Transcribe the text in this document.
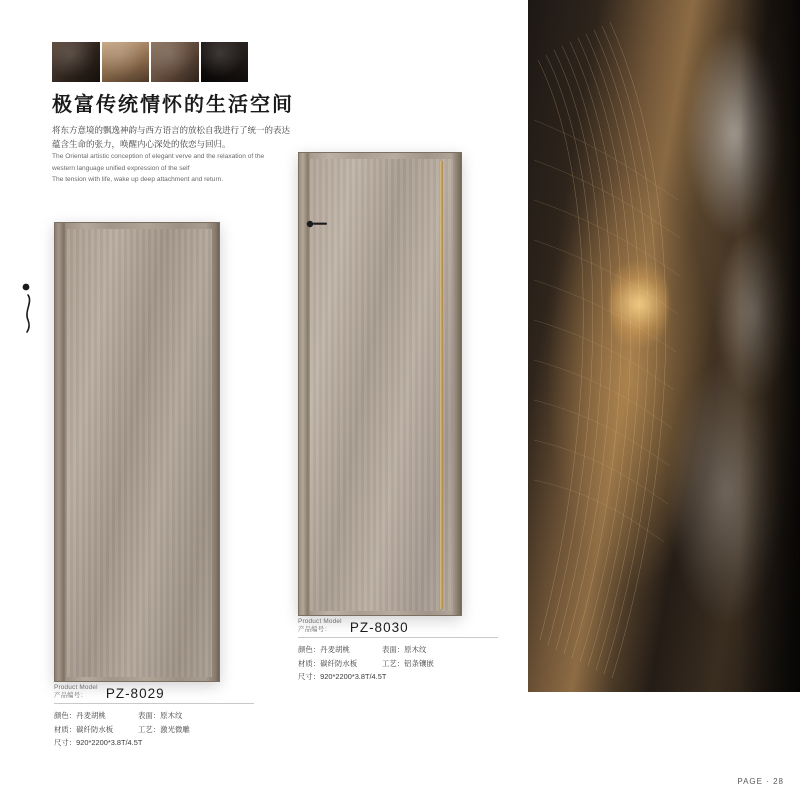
极富传统情怀的生活空间
将东方意境的飘逸神韵与西方语言的放松自我进行了统一的表达
蕴含生命的张力，唤醒内心深处的依恋与回归。
The Oriental artistic conception of elegant verve and the relaxation of the
western language unified expression of the self
The tension with life, wake up deep attachment and return.
Product Model
产品编号：	PZ-8029
颜色：丹麦胡桃	表面：原木纹
材质：碳纤防水板	工艺：激光微雕
尺寸：920*2200*3.8T/4.5T
Product Model
产品编号：	PZ-8030
颜色：丹麦胡桃	表面：原木纹
材质：碳纤防水板	工艺：铝条镶嵌
尺寸：920*2200*3.8T/4.5T
PAGE · 28
